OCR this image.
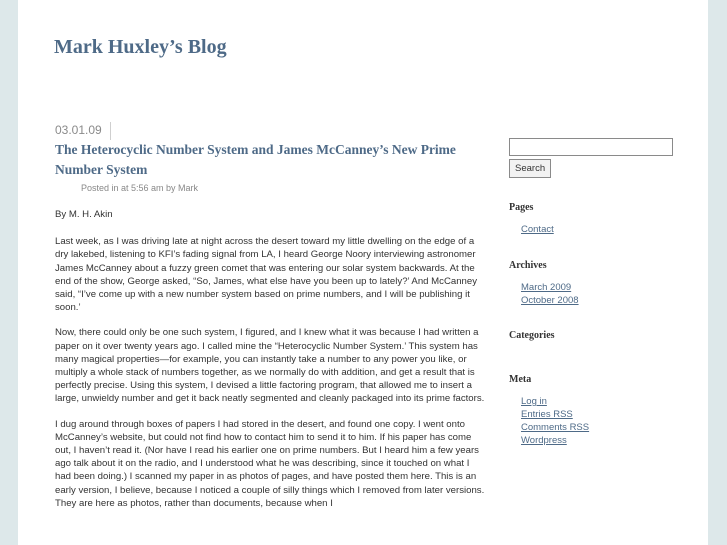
Mark Huxley’s Blog
03.01.09
The Heterocyclic Number System and James McCanney’s New Prime Number System
Posted in at 5:56 am by Mark

By M. H. Akin

Last week, as I was driving late at night across the desert toward my little dwelling on the edge of a dry lakebed, listening to KFI’s fading signal from LA, I heard George Noory interviewing astronomer James McCanney about a fuzzy green comet that was entering our solar system backwards. At the end of the show, George asked, “So, James, what else have you been up to lately?’ And McCanney said, “I’ve come up with a new number system based on prime numbers, and I will be publishing it soon.’

Now, there could only be one such system, I figured, and I knew what it was because I had written a paper on it over twenty years ago. I called mine the “Heterocyclic Number System.’ This system has many magical properties—for example, you can instantly take a number to any power you like, or multiply a whole stack of numbers together, as we normally do with addition, and get a result that is perfectly precise. Using this system, I devised a little factoring program, that allowed me to insert a large, unwieldy number and get it back neatly segmented and cleanly packaged into its prime factors.

I dug around through boxes of papers I had stored in the desert, and found one copy. I went onto McCanney’s website, but could not find how to contact him to send it to him. If his paper has come out, I haven’t read it. (Nor have I read his earlier one on prime numbers. But I heard him a few years ago talk about it on the radio, and I understood what he was describing, since it touched on what I had been doing.) I scanned my paper in as photos of pages, and have posted them here. This is an early version, I believe, because I noticed a couple of silly things which I removed from later versions. They are here as photos, rather than documents, because when I

Search
Pages
Contact
Archives
March 2009
October 2008
Categories
Meta
Log in
Entries RSS
Comments RSS
Wordpress
